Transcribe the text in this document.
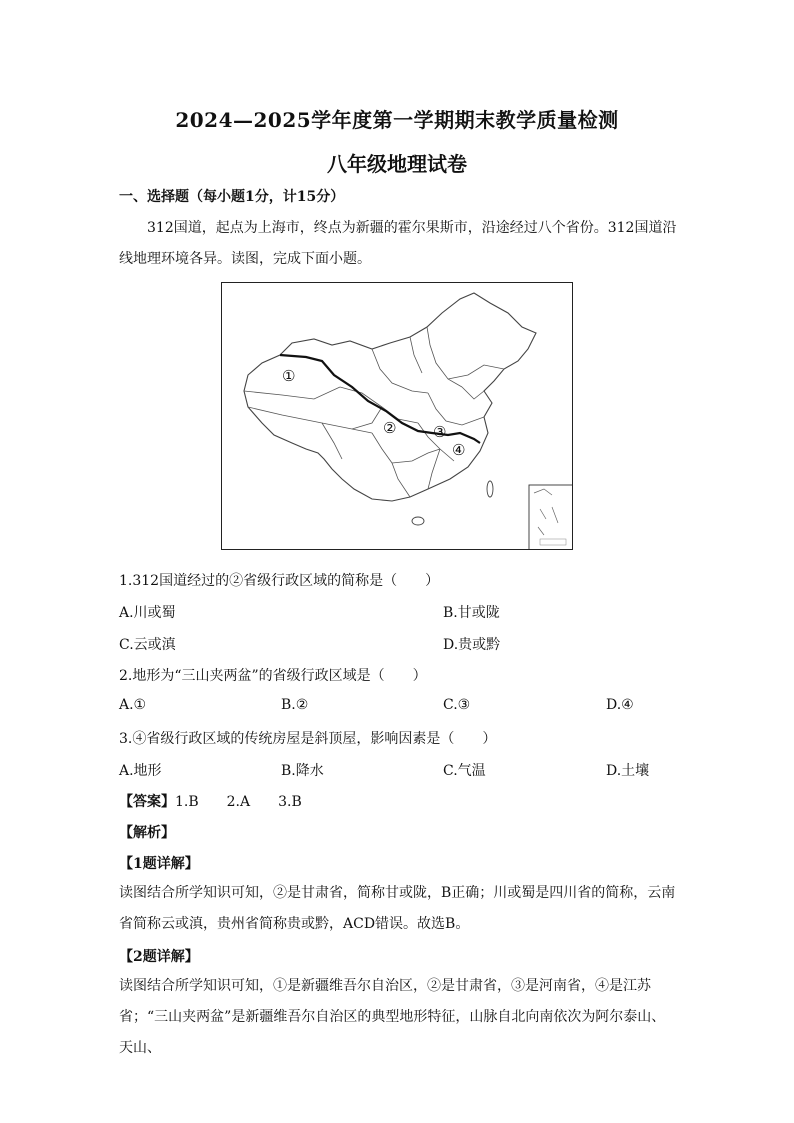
2024—2025学年度第一学期期末教学质量检测
八年级地理试卷
一、选择题（每小题1分，计15分）
312国道，起点为上海市，终点为新疆的霍尔果斯市，沿途经过八个省份。312国道沿线地理环境各异。读图，完成下面小题。
①
② ③
④
1.312国道经过的②省级行政区域的简称是（　　）
A.川或蜀	B.甘或陇
C.云或滇	D.贵或黔
2.地形为“三山夹两盆”的省级行政区域是（　　）
A.①	B.②	C.③	D.④
3.④省级行政区域的传统房屋是斜顶屋，影响因素是（　　）
A.地形	B.降水	C.气温	D.土壤
【答案】1.B　　2.A　　3.B
【解析】
【1题详解】
读图结合所学知识可知，②是甘肃省，简称甘或陇，B正确；川或蜀是四川省的简称，云南省简称云或滇，贵州省简称贵或黔，ACD错误。故选B。
【2题详解】
读图结合所学知识可知，①是新疆维吾尔自治区，②是甘肃省，③是河南省，④是江苏省；“三山夹两盆”是新疆维吾尔自治区的典型地形特征，山脉自北向南依次为阿尔泰山、天山、
